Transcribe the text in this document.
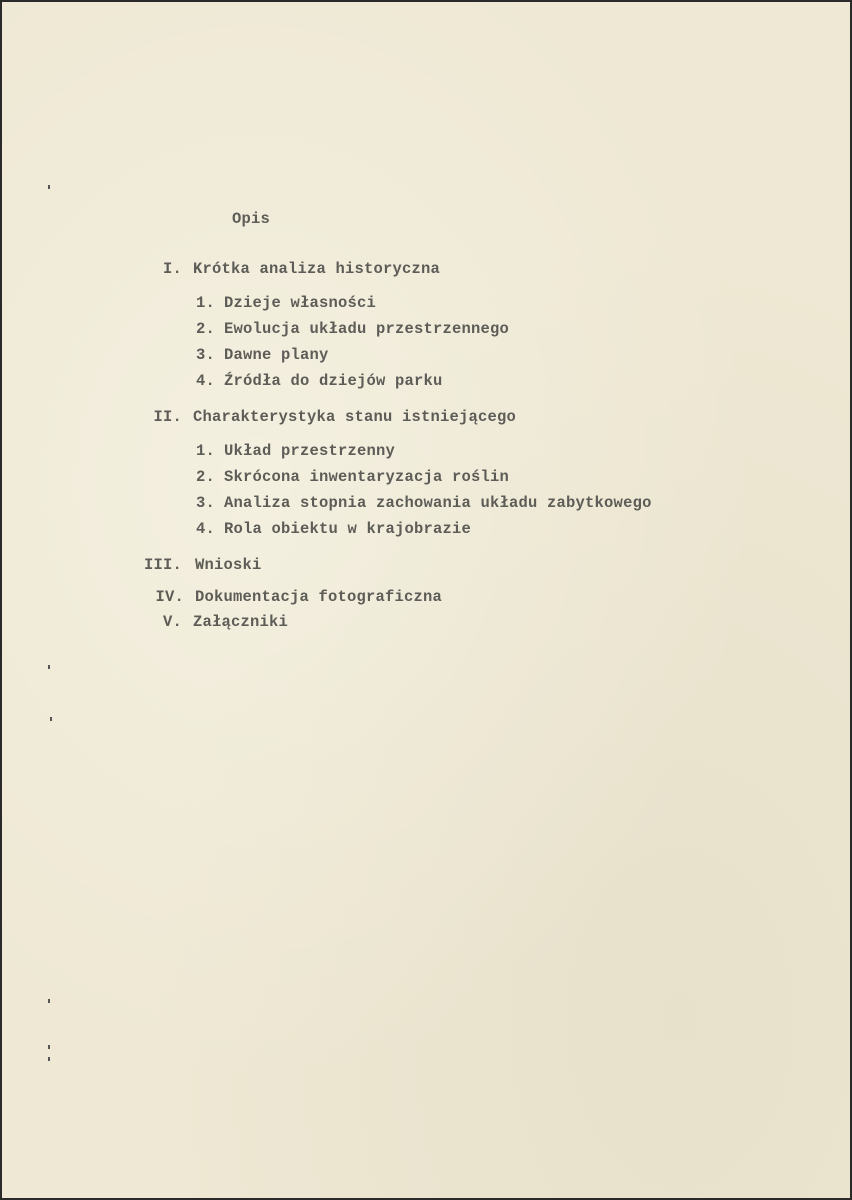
Opis
I. Krótka analiza historyczna
1. Dzieje własności
2. Ewolucja układu przestrzennego
3. Dawne plany
4. Źródła do dziejów parku
II. Charakterystyka stanu istniejącego
1. Układ przestrzenny
2. Skrócona inwentaryzacja roślin
3. Analiza stopnia zachowania układu zabytkowego
4. Rola obiektu w krajobrazie
III. Wnioski
IV. Dokumentacja fotograficzna
V. Załączniki
